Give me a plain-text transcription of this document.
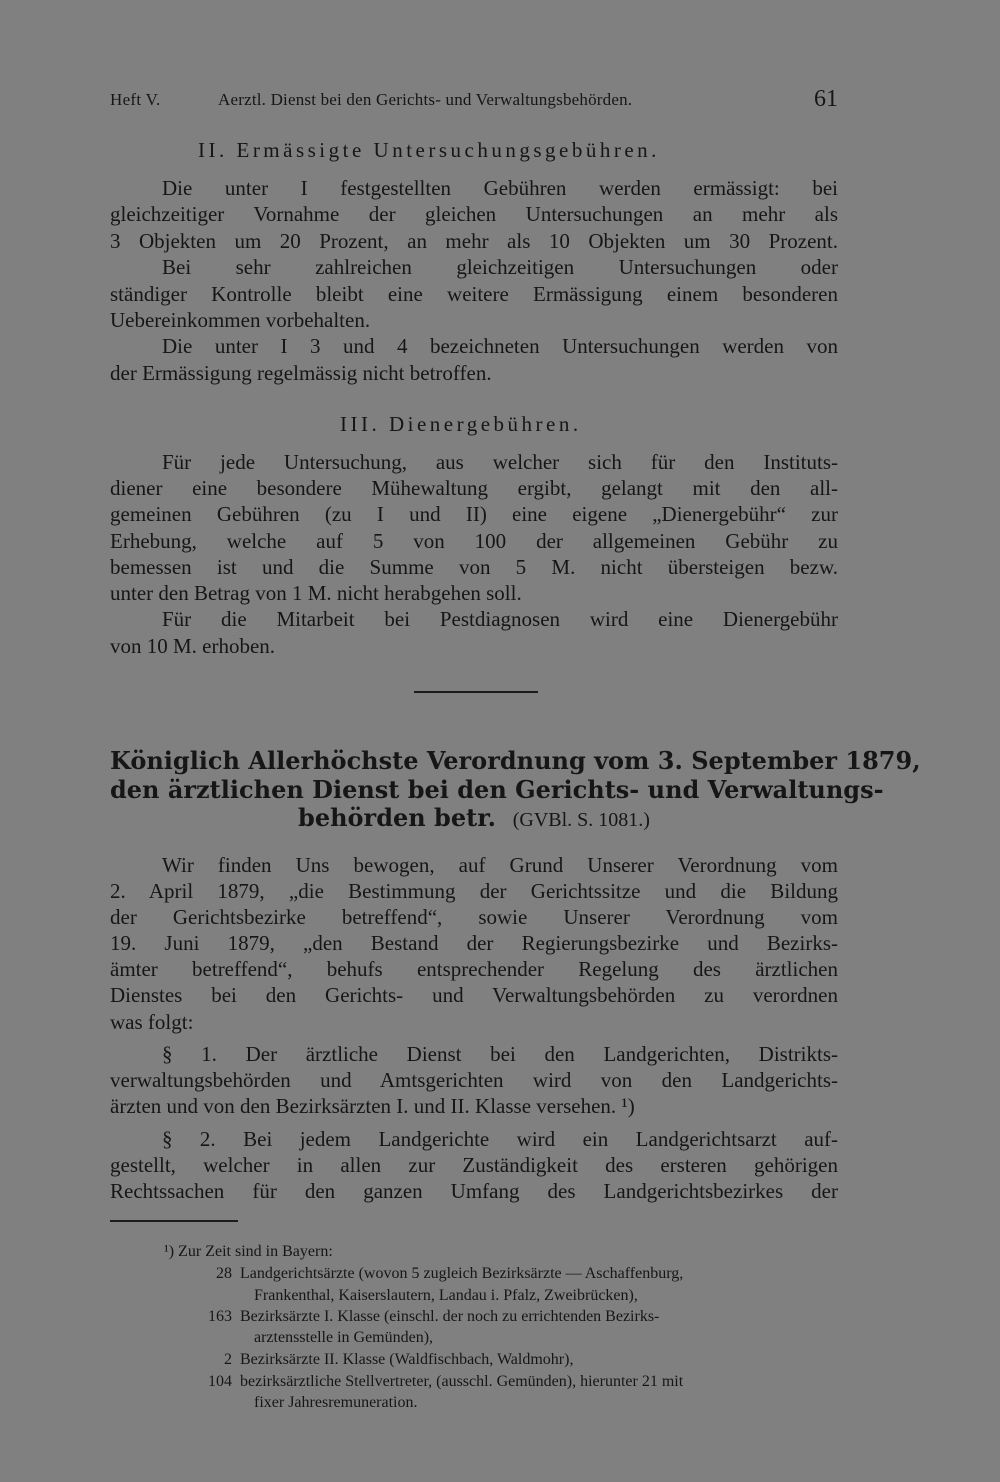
Heft V.	Aerztl. Dienst bei den Gerichts- und Verwaltungsbehörden.	61
II. Ermässigte Untersuchungsgebühren.
Die unter I festgestellten Gebühren werden ermässigt: bei
gleichzeitiger Vornahme der gleichen Untersuchungen an mehr als
3 Objekten um 20 Prozent, an mehr als 10 Objekten um 30 Prozent.
Bei sehr zahlreichen gleichzeitigen Untersuchungen oder
ständiger Kontrolle bleibt eine weitere Ermässigung einem besonderen
Uebereinkommen vorbehalten.
Die unter I 3 und 4 bezeichneten Untersuchungen werden von
der Ermässigung regelmässig nicht betroffen.
III. Dienergebühren.
Für jede Untersuchung, aus welcher sich für den Instituts-
diener eine besondere Mühewaltung ergibt, gelangt mit den all-
gemeinen Gebühren (zu I und II) eine eigene „Dienergebühr“ zur
Erhebung, welche auf 5 von 100 der allgemeinen Gebühr zu
bemessen ist und die Summe von 5 M. nicht übersteigen bezw.
unter den Betrag von 1 M. nicht herabgehen soll.
Für die Mitarbeit bei Pestdiagnosen wird eine Dienergebühr
von 10 M. erhoben.
Königlich Allerhöchste Verordnung vom 3. September 1879,
den ärztlichen Dienst bei den Gerichts- und Verwaltungs-
behörden betr. (GVBl. S. 1081.)
Wir finden Uns bewogen, auf Grund Unserer Verordnung vom
2. April 1879, „die Bestimmung der Gerichtssitze und die Bildung
der Gerichtsbezirke betreffend“, sowie Unserer Verordnung vom
19. Juni 1879, „den Bestand der Regierungsbezirke und Bezirks-
ämter betreffend“, behufs entsprechender Regelung des ärztlichen
Dienstes bei den Gerichts- und Verwaltungsbehörden zu verordnen
was folgt:
§ 1. Der ärztliche Dienst bei den Landgerichten, Distrikts-
verwaltungsbehörden und Amtsgerichten wird von den Landgerichts-
ärzten und von den Bezirksärzten I. und II. Klasse versehen. ¹)
§ 2. Bei jedem Landgerichte wird ein Landgerichtsarzt auf-
gestellt, welcher in allen zur Zuständigkeit des ersteren gehörigen
Rechtssachen für den ganzen Umfang des Landgerichtsbezirkes der
¹) Zur Zeit sind in Bayern:
28 Landgerichtsärzte (wovon 5 zugleich Bezirksärzte — Aschaffenburg,
Frankenthal, Kaiserslautern, Landau i. Pfalz, Zweibrücken),
163 Bezirksärzte I. Klasse (einschl. der noch zu errichtenden Bezirks-
arztensstelle in Gemünden),
2 Bezirksärzte II. Klasse (Waldfischbach, Waldmohr),
104 bezirksärztliche Stellvertreter, (ausschl. Gemünden), hierunter 21 mit
fixer Jahresremuneration.
